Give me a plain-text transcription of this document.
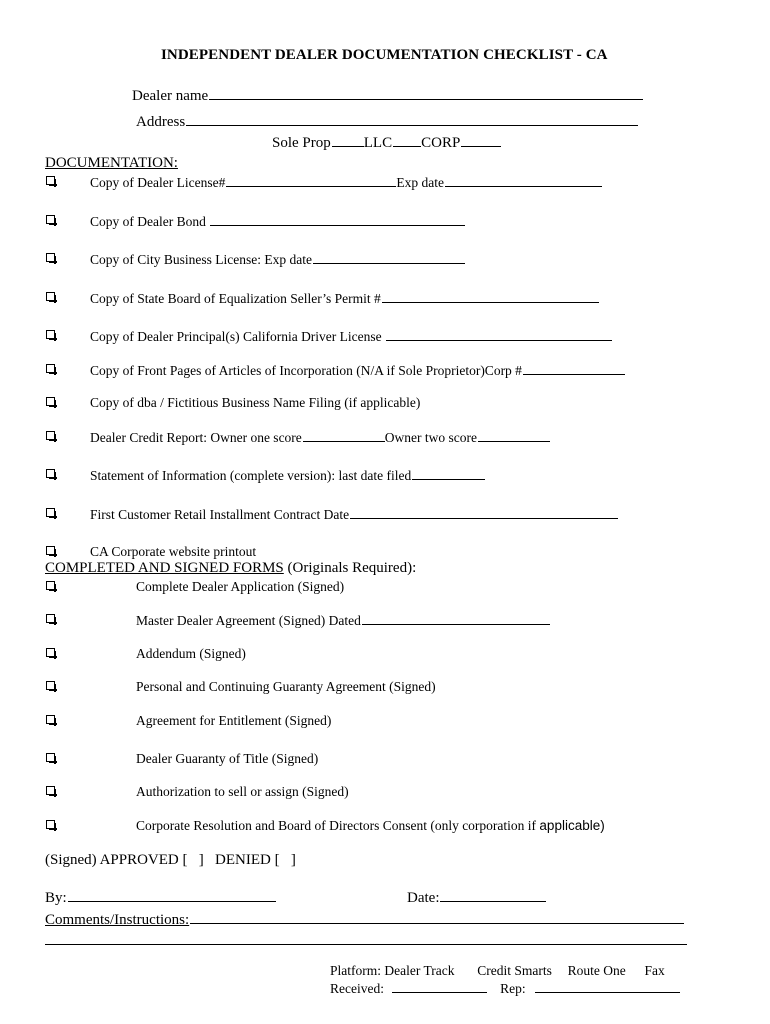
INDEPENDENT DEALER DOCUMENTATION CHECKLIST - CA
Dealer name
Address
Sole Prop LLC CORP
DOCUMENTATION:
Copy of Dealer License#	Exp date
Copy of Dealer Bond
Copy of City Business License: Exp date
Copy of State Board of Equalization Seller’s Permit #
Copy of Dealer Principal(s) California Driver License
Copy of Front Pages of Articles of Incorporation (N/A if Sole Proprietor)Corp #
Copy of dba / Fictitious Business Name Filing (if applicable)
Dealer Credit Report: Owner one score	Owner two score
Statement of Information (complete version): last date filed
First Customer Retail Installment Contract Date
CA Corporate website printout
COMPLETED AND SIGNED FORMS (Originals Required):
Complete Dealer Application (Signed)
Master Dealer Agreement (Signed) Dated
Addendum (Signed)
Personal and Continuing Guaranty Agreement (Signed)
Agreement for Entitlement (Signed)
Dealer Guaranty of Title (Signed)
Authorization to sell or assign (Signed)
Corporate Resolution and Board of Directors Consent (only corporation if applicable)
(Signed) APPROVED [   ]   DENIED [   ]
By:	Date:
Comments/Instructions:
Platform: Dealer Track Credit Smarts Route One Fax
Received:	Rep:
